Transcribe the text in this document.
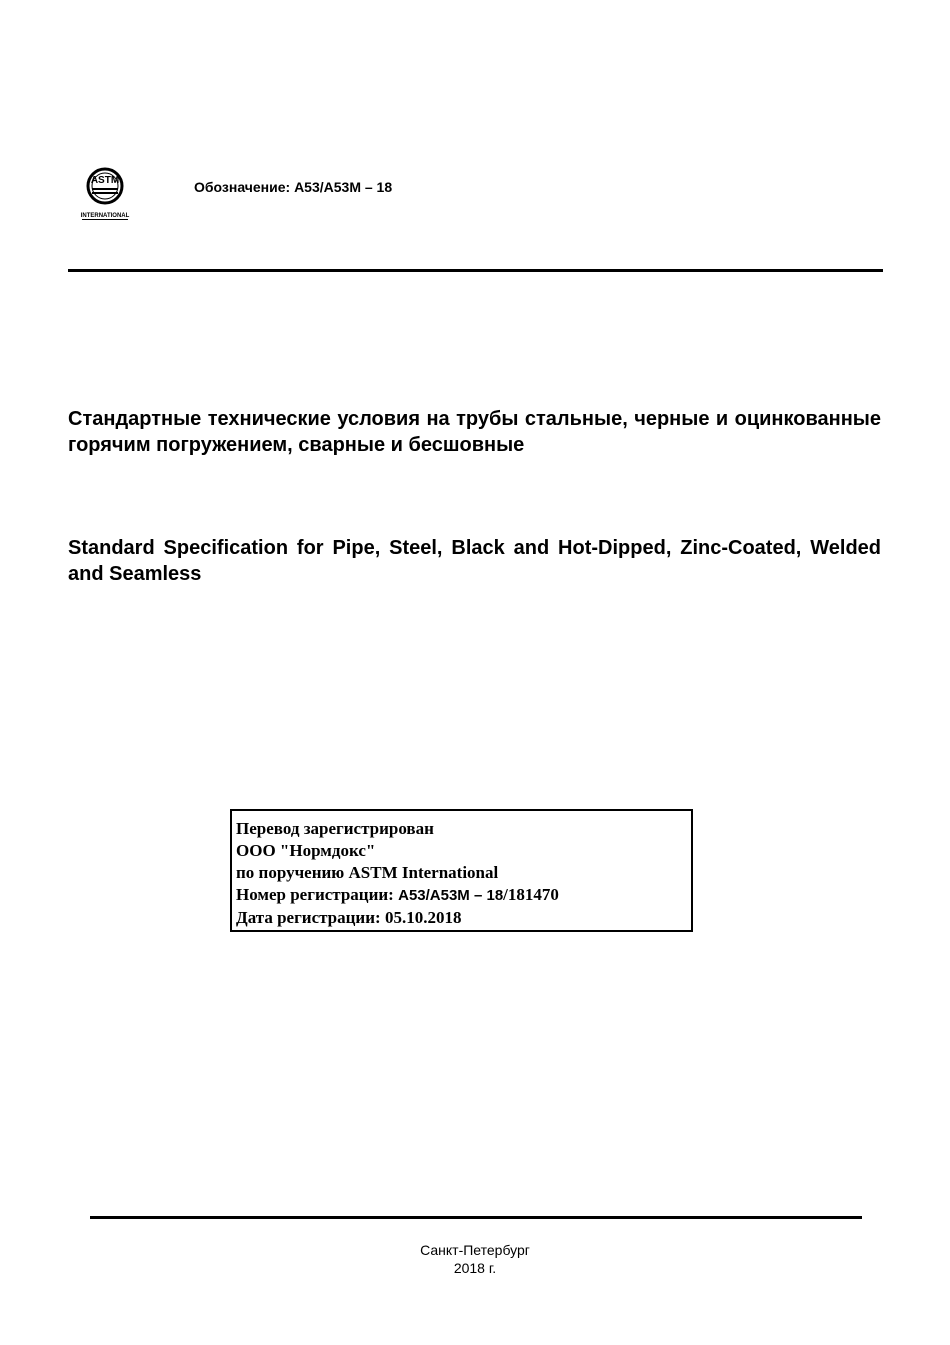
ASTM
INTERNATIONAL
Обозначение: A53/A53M – 18
Стандартные технические условия на трубы стальные, черные и оцинкованные горячим погружением, сварные и бесшовные
Standard Specification for Pipe, Steel, Black and Hot-Dipped, Zinc-Coated, Welded and Seamless
Перевод зарегистрирован
ООО "Нормдокс"
по поручению ASTM International
Номер регистрации: A53/A53M – 18/181470
Дата регистрации: 05.10.2018
Санкт-Петербург
2018 г.
